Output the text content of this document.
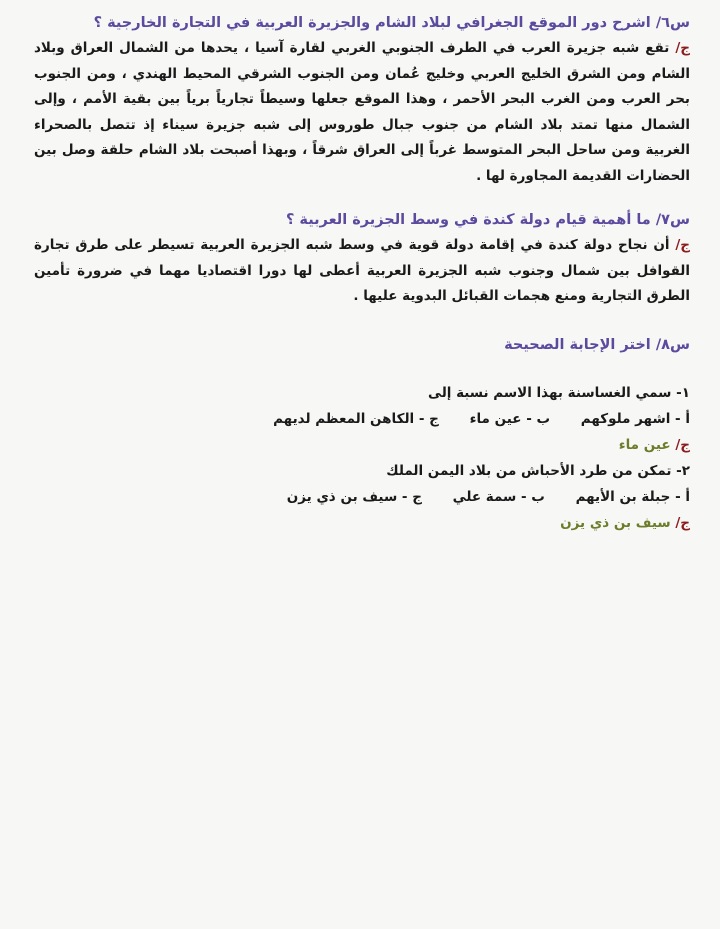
س٦/ اشرح دور الموقع الجغرافي لبلاد الشام والجزيرة العربية في التجارة الخارجية ؟

ج/ تقع شبه جزيرة العرب في الطرف الجنوبي الغربي لقارة آسيا ، يحدها من الشمال العراق وبلاد الشام ومن الشرق الخليج العربي وخليج عُمان ومن الجنوب الشرقي المحيط الهندي ، ومن الجنوب بحر العرب ومن الغرب البحر الأحمر ، وهذا الموقع جعلها وسيطاً تجارياً برياً بين بقية الأمم ، وإلى الشمال منها تمتد بلاد الشام من جنوب جبال طوروس إلى شبه جزيرة سيناء إذ تتصل بالصحراء الغربية ومن ساحل البحر المتوسط غرباً إلى العراق شرقاً ، وبهذا أصبحت بلاد الشام حلقة وصل بين الحضارات القديمة المجاورة لها .

س٧/ ما أهمية قيام دولة كندة في وسط الجزيرة العربية ؟

ج/ أن نجاح دولة كندة في إقامة دولة قوية في وسط شبه الجزيرة العربية تسيطر على طرق تجارة القوافل بين شمال وجنوب شبه الجزيرة العربية أعطى لها دورا اقتصاديا مهما في ضرورة تأمين الطرق التجارية ومنع هجمات القبائل البدوية عليها .

س٨/ اختر الإجابة الصحيحة

١- سمي الغساسنة بهذا الاسم نسبة إلى

أ - اشهر ملوكهم ب - عين ماء ج - الكاهن المعظم لديهم

ج/ عين ماء

٢- تمكن من طرد الأحباش من بلاد اليمن الملك

أ - جبلة بن الأيهم ب - سمة علي ج - سيف بن ذي يزن

ج/ سيف بن ذي يزن
